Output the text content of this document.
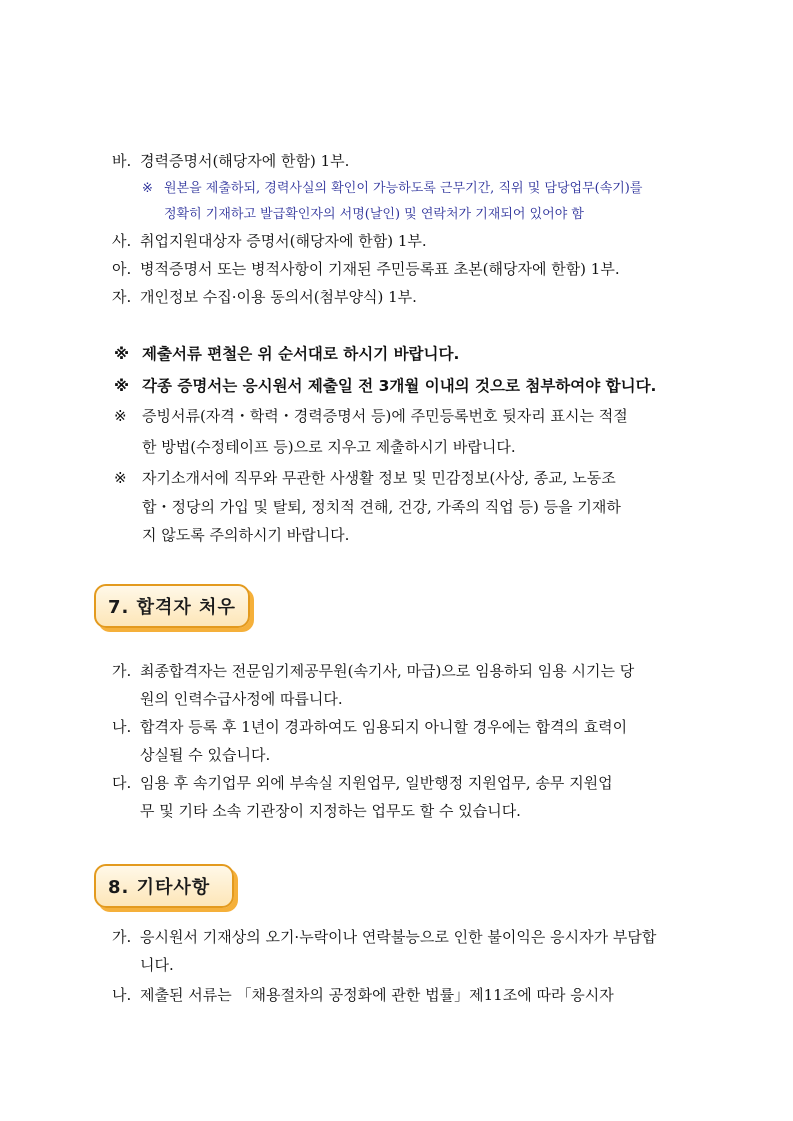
바. 경력증명서(해당자에 한함) 1부.
※ 원본을 제출하되, 경력사실의 확인이 가능하도록 근무기간, 직위 및 담당업무(속기)를
정확히 기재하고 발급확인자의 서명(날인) 및 연락처가 기재되어 있어야 함
사. 취업지원대상자 증명서(해당자에 한함) 1부.
아. 병적증명서 또는 병적사항이 기재된 주민등록표 초본(해당자에 한함) 1부.
자. 개인정보 수집·이용 동의서(첨부양식) 1부.
※ 제출서류 편철은 위 순서대로 하시기 바랍니다.
※ 각종 증명서는 응시원서 제출일 전 3개월 이내의 것으로 첨부하여야 합니다.
※ 증빙서류(자격・학력・경력증명서 등)에 주민등록번호 뒷자리 표시는 적절
한 방법(수정테이프 등)으로 지우고 제출하시기 바랍니다.
※ 자기소개서에 직무와 무관한 사생활 정보 및 민감정보(사상, 종교, 노동조
합・정당의 가입 및 탈퇴, 정치적 견해, 건강, 가족의 직업 등) 등을 기재하
지 않도록 주의하시기 바랍니다.
7. 합격자 처우
가. 최종합격자는 전문임기제공무원(속기사, 마급)으로 임용하되 임용 시기는 당
원의 인력수급사정에 따릅니다.
나. 합격자 등록 후 1년이 경과하여도 임용되지 아니할 경우에는 합격의 효력이
상실될 수 있습니다.
다. 임용 후 속기업무 외에 부속실 지원업무, 일반행정 지원업무, 송무 지원업
무 및 기타 소속 기관장이 지정하는 업무도 할 수 있습니다.
8. 기타사항
가. 응시원서 기재상의 오기·누락이나 연락불능으로 인한 불이익은 응시자가 부담합
니다.
나. 제출된 서류는 「채용절차의 공정화에 관한 법률」제11조에 따라 응시자
